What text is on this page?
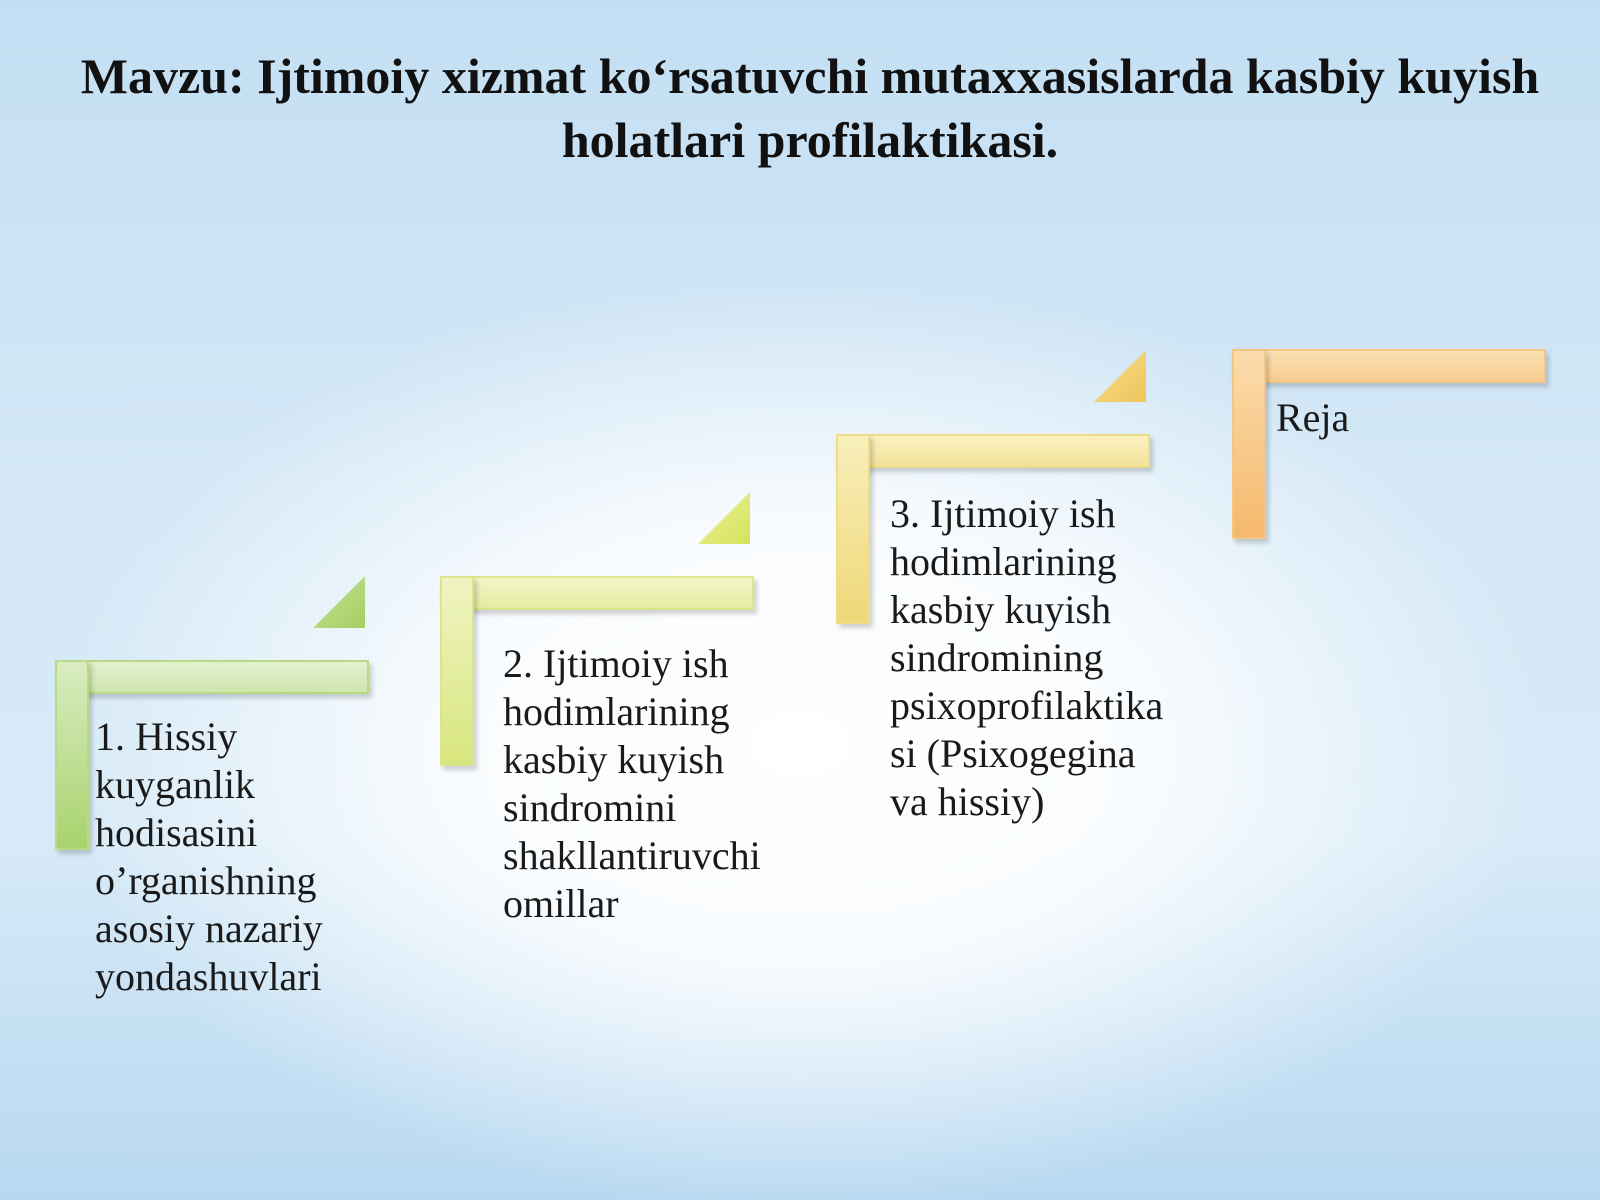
Mavzu: Ijtimoiy xizmat ko‘rsatuvchi mutaxxasislarda kasbiy kuyish holatlari profilaktikasi.

1. Hissiy
kuyganlik
hodisasini
o’rganishning
asosiy nazariy
yondashuvlari

2. Ijtimoiy ish
hodimlarining
kasbiy kuyish
sindromini
shakllantiruvchi
omillar

3. Ijtimoiy ish
hodimlarining
kasbiy kuyish
sindromining
psixoprofilaktika
si (Psixogegina
va hissiy)

Reja
